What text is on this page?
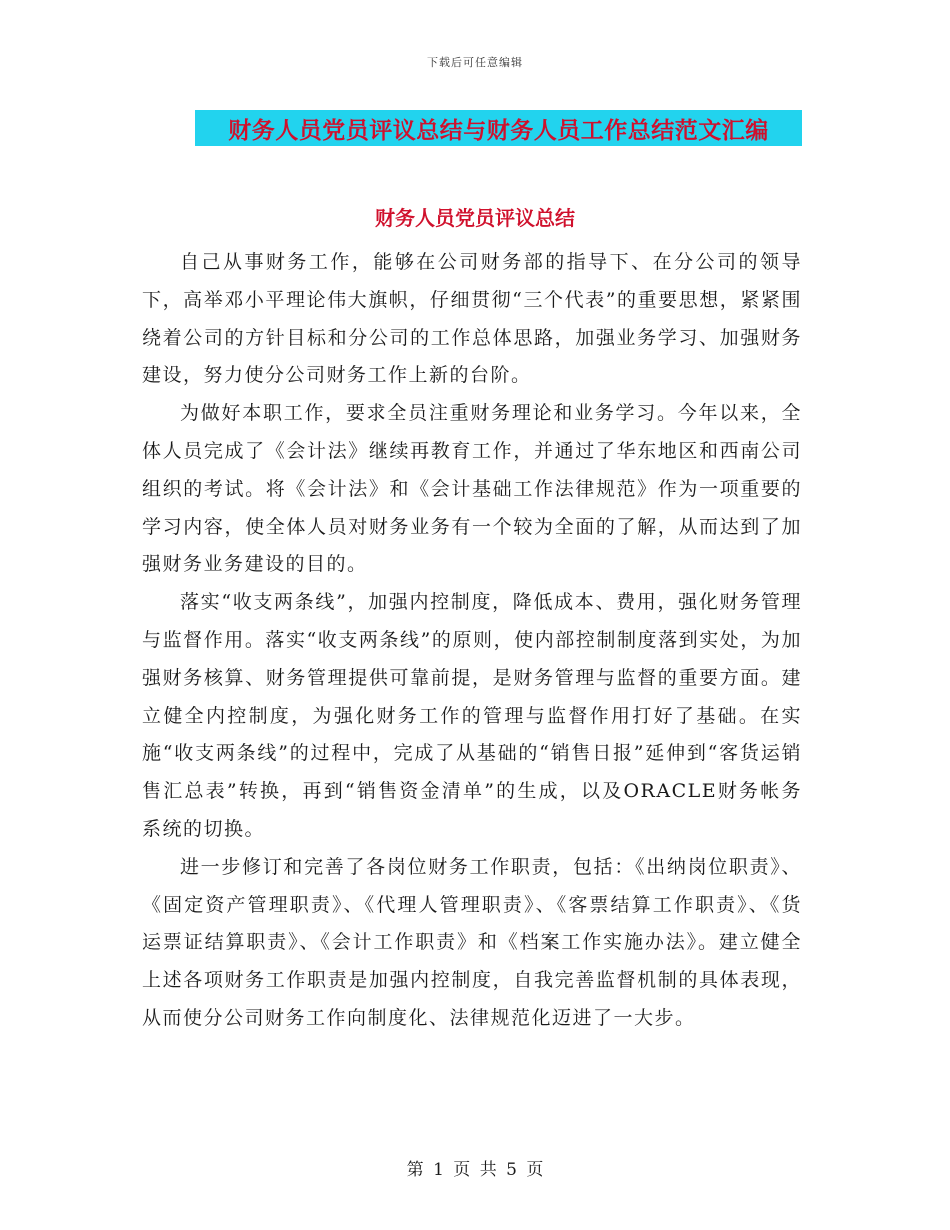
下载后可任意编辑
财务人员党员评议总结与财务人员工作总结范文汇编
财务人员党员评议总结

自己从事财务工作，能够在公司财务部的指导下、在分公司的领导下，高举邓小平理论伟大旗帜，仔细贯彻“三个代表”的重要思想，紧紧围绕着公司的方针目标和分公司的工作总体思路，加强业务学习、加强财务建设，努力使分公司财务工作上新的台阶。

为做好本职工作，要求全员注重财务理论和业务学习。今年以来，全体人员完成了《会计法》继续再教育工作，并通过了华东地区和西南公司组织的考试。将《会计法》和《会计基础工作法律规范》作为一项重要的学习内容，使全体人员对财务业务有一个较为全面的了解，从而达到了加强财务业务建设的目的。

落实“收支两条线”，加强内控制度，降低成本、费用，强化财务管理与监督作用。落实“收支两条线”的原则，使内部控制制度落到实处，为加强财务核算、财务管理提供可靠前提，是财务管理与监督的重要方面。建立健全内控制度，为强化财务工作的管理与监督作用打好了基础。在实施“收支两条线”的过程中，完成了从基础的“销售日报”延伸到“客货运销售汇总表”转换，再到“销售资金清单”的生成，以及ORACLE财务帐务系统的切换。

进一步修订和完善了各岗位财务工作职责，包括：《出纳岗位职责》、《固定资产管理职责》、《代理人管理职责》、《客票结算工作职责》、《货运票证结算职责》、《会计工作职责》和《档案工作实施办法》。建立健全上述各项财务工作职责是加强内控制度，自我完善监督机制的具体表现，从而使分公司财务工作向制度化、法律规范化迈进了一大步。

第 1 页 共 5 页
